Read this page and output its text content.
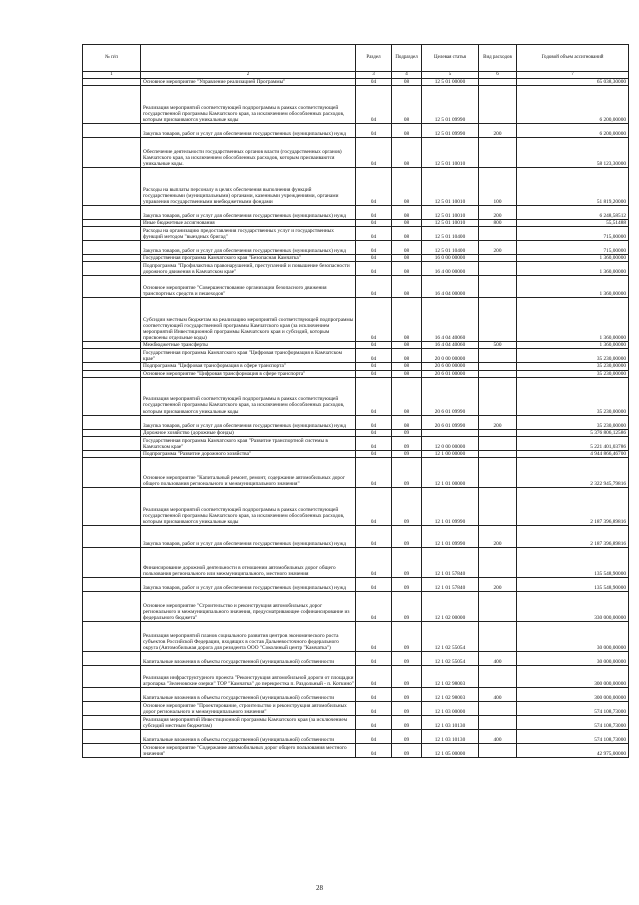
№ п/п		Раздел	Подраздел	Целевая статья	Вид расходов	Годовой объем ассигнований
1	2	3	4	5	6	7
	Основное мероприятие "Управление реализацией Программы"	04	08	12 5 01 00000		65 038,30000
	Реализация мероприятий соответствующей подпрограммы в рамках соответствующей государственной программы Камчатского края, за исключением обособленных расходов, которым присваиваются уникальные коды	04	08	12 5 01 09990		6 200,00000
	Закупка товаров, работ и услуг для обеспечения государственных (муниципальных) нужд	04	08	12 5 01 09990	200	6 200,00000
	Обеспечение деятельности государственных органов власти (государственных органов) Камчатского края, за исключением обособленных расходов, которым присваиваются уникальные коды.	04	08	12 5 01 10010		58 123,30000
	Расходы на выплаты персоналу в целях обеспечения выполнения функций государственными (муниципальными) органами, казенными учреждениями, органами управления государственными внебюджетными фондами	04	08	12 5 01 10010	100	51 819,20000
	Закупка товаров, работ и услуг для обеспечения государственных (муниципальных) нужд	04	08	12 5 01 10010	200	6 248,58512
	Иные бюджетные ассигнования	04	08	12 5 01 10010	800	55,51488
	Расходы на организацию предоставления государственных услуг и государственных функций методом "выездных бригад"	04	08	12 5 01 10400		715,00000
	Закупка товаров, работ и услуг для обеспечения государственных (муниципальных) нужд	04	08	12 5 01 10400	200	715,00000
	Государственная программа Камчатского края "Безопасная Камчатка"	04	08	16 0 00 00000		1 360,00000
	Подпрограмма "Профилактика правонарушений, преступлений и повышение безопасности дорожного движения в Камчатском крае"	04	08	16 4 00 00000		1 360,00000
	Основное мероприятие "Совершенствование организации безопасного движения транспортных средств и пешеходов"	04	08	16 4 04 00000		1 360,00000
	Субсидии местным бюджетам на реализацию мероприятий соответствующей подпрограммы соответствующей государственной программы Камчатского края (за исключением мероприятий Инвестиционной программы Камчатского края и субсидий, которым присвоены отдельные коды)	04	08	16 4 04 40060		1 360,00000
	Межбюджетные трансферты	04	08	16 4 04 40060	500	1 360,00000
	Государственная программа Камчатского края "Цифровая трансформация в Камчатском крае"	04	08	20 0 00 00000		35 230,00000
	Подпрограмма "Цифровая трансформация в сфере транспорта"	04	08	20 6 00 00000		35 230,00000
	Основное мероприятие "Цифровая трансформация в сфере транспорта"	04	08	20 6 01 00000		35 230,00000
	Реализация мероприятий соответствующей подпрограммы в рамках соответствующей государственной программы Камчатского края, за исключением обособленных расходов, которым присваиваются уникальные коды	04	08	20 6 01 09990		35 230,00000
	Закупка товаров, работ и услуг для обеспечения государственных (муниципальных) нужд	04	08	20 6 01 09990	200	35 230,00000
	Дорожное хозяйство (дорожные фонды)	04	09			5 376 806,12586
	Государственная программа Камчатского края "Развитие транспортной системы в Камчатском крае"	04	09	12 0 00 00000		5 221 401,03786
	Подпрограмма "Развитие дорожного хозяйства"	04	09	12 1 00 00000		4 944 866,46700
	Основное мероприятие "Капитальный ремонт, ремонт, содержание автомобильных дорог общего пользования регионального и межмуниципального значения"	04	09	12 1 01 00000		2 322 945,79816
	Реализация мероприятий соответствующей подпрограммы в рамках соответствующей государственной программы Камчатского края, за исключением обособленных расходов, которым присваиваются уникальные коды	04	09	12 1 01 09990		2 187 396,89816
	Закупка товаров, работ и услуг для обеспечения государственных (муниципальных) нужд	04	09	12 1 01 09990	200	2 187 396,89816
	Финансирование дорожной деятельности в отношении автомобильных дорог общего пользования регионального или межмуниципального, местного значения	04	09	12 1 01 57840		135 548,90000
	Закупка товаров, работ и услуг для обеспечения государственных (муниципальных) нужд	04	09	12 1 01 57840	200	135 548,90000
	Основное мероприятие "Строительство и реконструкция автомобильных дорог регионального и межмуниципального значения, предусматривающее софинансирование из федерального бюджета"	04	09	12 1 02 00000		330 000,00000
	Реализация мероприятий планов социального развития центров экономического роста субъектов Российской Федерации, входящих в состав Дальневосточного федерального округа (Автомобильная дорога для резидента ООО "Соколиный центр "Камчатка")	04	09	12 1 02 55054		30 000,00000
	Капитальные вложения в объекты государственной (муниципальной) собственности	04	09	12 1 02 55054	400	30 000,00000
	Реализация инфраструктурного проекта "Реконструкция автомобильной дороги от площадки агропарка "Зеленовские озерки" ТОР "Камчатка" до перекрестка п. Раздольный - п. Коткино"	04	09	12 1 02 98003		300 000,00000
	Капитальные вложения в объекты государственной (муниципальной) собственности	04	09	12 1 02 98003	400	300 000,00000
	Основное мероприятие "Проектирование, строительство и реконструкция автомобильных дорог регионального и межмуниципального значения"	04	09	12 1 03 00000		574 108,73000
	Реализация мероприятий Инвестиционной программы Камчатского края (за исключением субсидий местным бюджетам)	04	09	12 1 03 10130		574 108,73000
	Капитальные вложения в объекты государственной (муниципальной) собственности	04	09	12 1 03 10130	400	574 108,73000
	Основное мероприятие "Содержание автомобильных дорог общего пользования местного значения"	04	09	12 1 05 00000		42 975,00000
28
